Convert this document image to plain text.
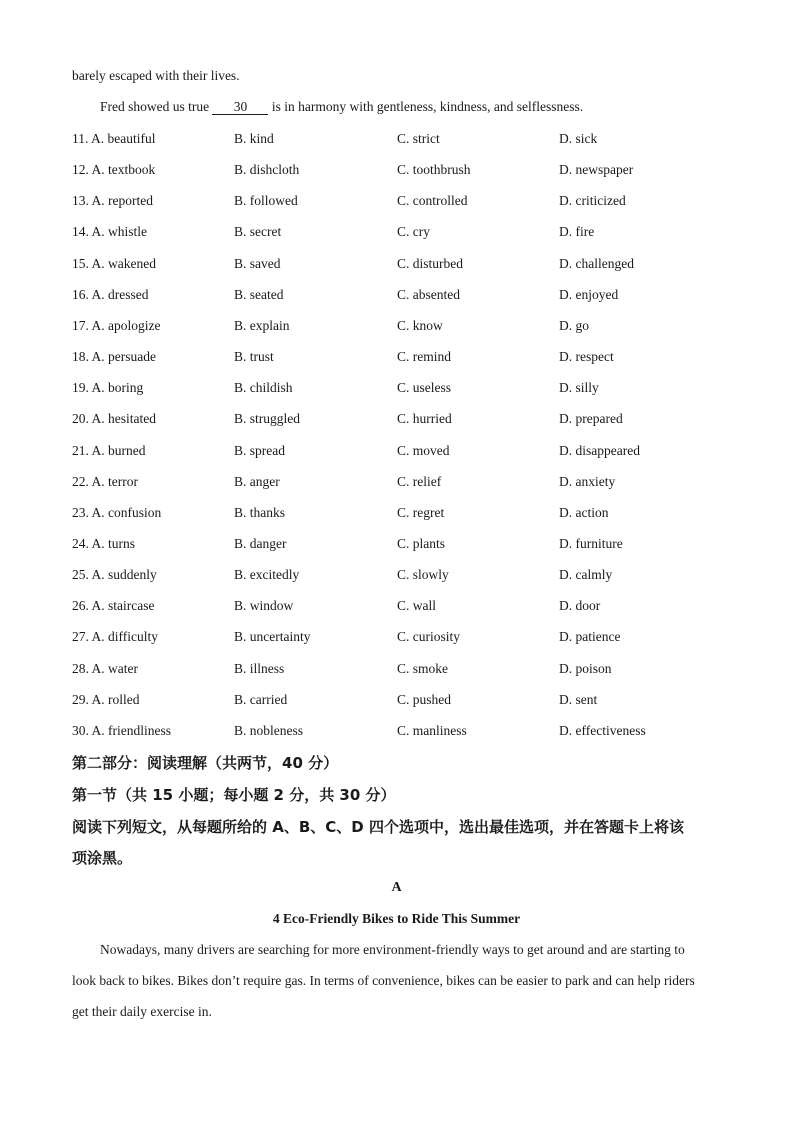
barely escaped with their lives.
Fred showed us true 30 is in harmony with gentleness, kindness, and selflessness.
11. A. beautiful	B. kind	C. strict	D. sick
12. A. textbook	B. dishcloth	C. toothbrush	D. newspaper
13. A. reported	B. followed	C. controlled	D. criticized
14. A. whistle	B. secret	C. cry	D. fire
15. A. wakened	B. saved	C. disturbed	D. challenged
16. A. dressed	B. seated	C. absented	D. enjoyed
17. A. apologize	B. explain	C. know	D. go
18. A. persuade	B. trust	C. remind	D. respect
19. A. boring	B. childish	C. useless	D. silly
20. A. hesitated	B. struggled	C. hurried	D. prepared
21. A. burned	B. spread	C. moved	D. disappeared
22. A. terror	B. anger	C. relief	D. anxiety
23. A. confusion	B. thanks	C. regret	D. action
24. A. turns	B. danger	C. plants	D. furniture
25. A. suddenly	B. excitedly	C. slowly	D. calmly
26. A. staircase	B. window	C. wall	D. door
27. A. difficulty	B. uncertainty	C. curiosity	D. patience
28. A. water	B. illness	C. smoke	D. poison
29. A. rolled	B. carried	C. pushed	D. sent
30. A. friendliness	B. nobleness	C. manliness	D. effectiveness
第二部分：阅读理解（共两节，40 分）
第一节（共 15 小题；每小题 2 分，共 30 分）
阅读下列短文，从每题所给的 A、B、C、D 四个选项中，选出最佳选项，并在答题卡上将该
项涂黑。
A
4 Eco-Friendly Bikes to Ride This Summer
Nowadays, many drivers are searching for more environment-friendly ways to get around and are starting to
look back to bikes. Bikes don’t require gas. In terms of convenience, bikes can be easier to park and can help riders
get their daily exercise in.
